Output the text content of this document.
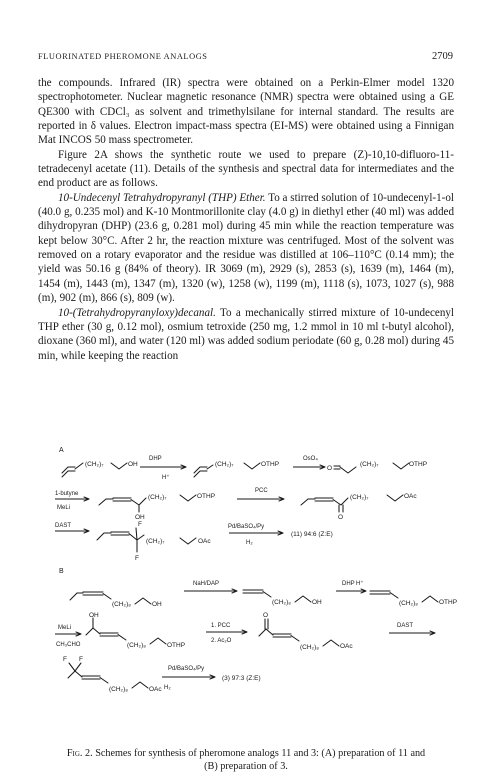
FLUORINATED PHEROMONE ANALOGS	2709

the compounds. Infrared (IR) spectra were obtained on a Perkin-Elmer model 1320 spectrophotometer. Nuclear magnetic resonance (NMR) spectra were obtained using a GE QE300 with CDCl₃ as solvent and trimethylsilane for internal standard. The results are reported in δ values. Electron impact-mass spectra (EI-MS) were obtained using a Finnigan Mat INCOS 50 mass spectrometer.

Figure 2A shows the synthetic route we used to prepare (Z)-10,10-difluoro-11-tetradecenyl acetate (11). Details of the synthesis and spectral data for intermediates and the end product are as follows.

10-Undecenyl Tetrahydropyranyl (THP) Ether. To a stirred solution of 10-undecenyl-1-ol (40.0 g, 0.235 mol) and K-10 Montmorillonite clay (4.0 g) in diethyl ether (40 ml) was added dihydropyran (DHP) (23.6 g, 0.281 mol) during 45 min while the reaction temperature was kept below 30°C. After 2 hr, the reaction mixture was centrifuged. Most of the solvent was removed on a rotary evaporator and the residue was distilled at 106–110°C (0.14 mm); the yield was 50.16 g (84% of theory). IR 3069 (m), 2929 (s), 2853 (s), 1639 (m), 1464 (m), 1454 (m), 1443 (m), 1347 (m), 1320 (w), 1258 (w), 1199 (m), 1118 (s), 1073, 1027 (s), 988 (m), 902 (m), 866 (s), 809 (w).

10-(Tetrahydropyranyloxy)decanal. To a mechanically stirred mixture of 10-undecenyl THP ether (30 g, 0.12 mol), osmium tetroxide (250 mg, 1.2 mmol in 10 ml t-butyl alcohol), dioxane (360 ml), and water (120 ml) was added sodium periodate (60 g, 0.28 mol) during 45 min, while keeping the reaction

A
(CH₂)₇	OH
DHP
H⁺
(CH₂)₇	OTHP
OsO₄
O
(CH₂)₇	OTHP
1-butyne
MeLi
OH
(CH₂)₇	OTHP
PCC
O
(CH₂)₇	OAc
DAST	F
F
(CH₂)₇	OAc
Pd/BaSO₄/Py
H₂
(11) 94:6 (Z:E)
B
(CH₂)₈	OH
NaH/DAP
(CH₂)₈	OH
DHP H⁺
(CH₂)₈	OTHP
MeLi
CH₃CHO
OH
(CH₂)₈	OTHP
1. PCC
2. Ac₂O
O
(CH₂)₈	OAc
DAST
F F
(CH₂)₈	OAc
Pd/BaSO₄/Py
H₂
(3) 97:3 (Z:E)
Fig. 2. Schemes for synthesis of pheromone analogs 11 and 3: (A) preparation of 11 and (B) preparation of 3.
